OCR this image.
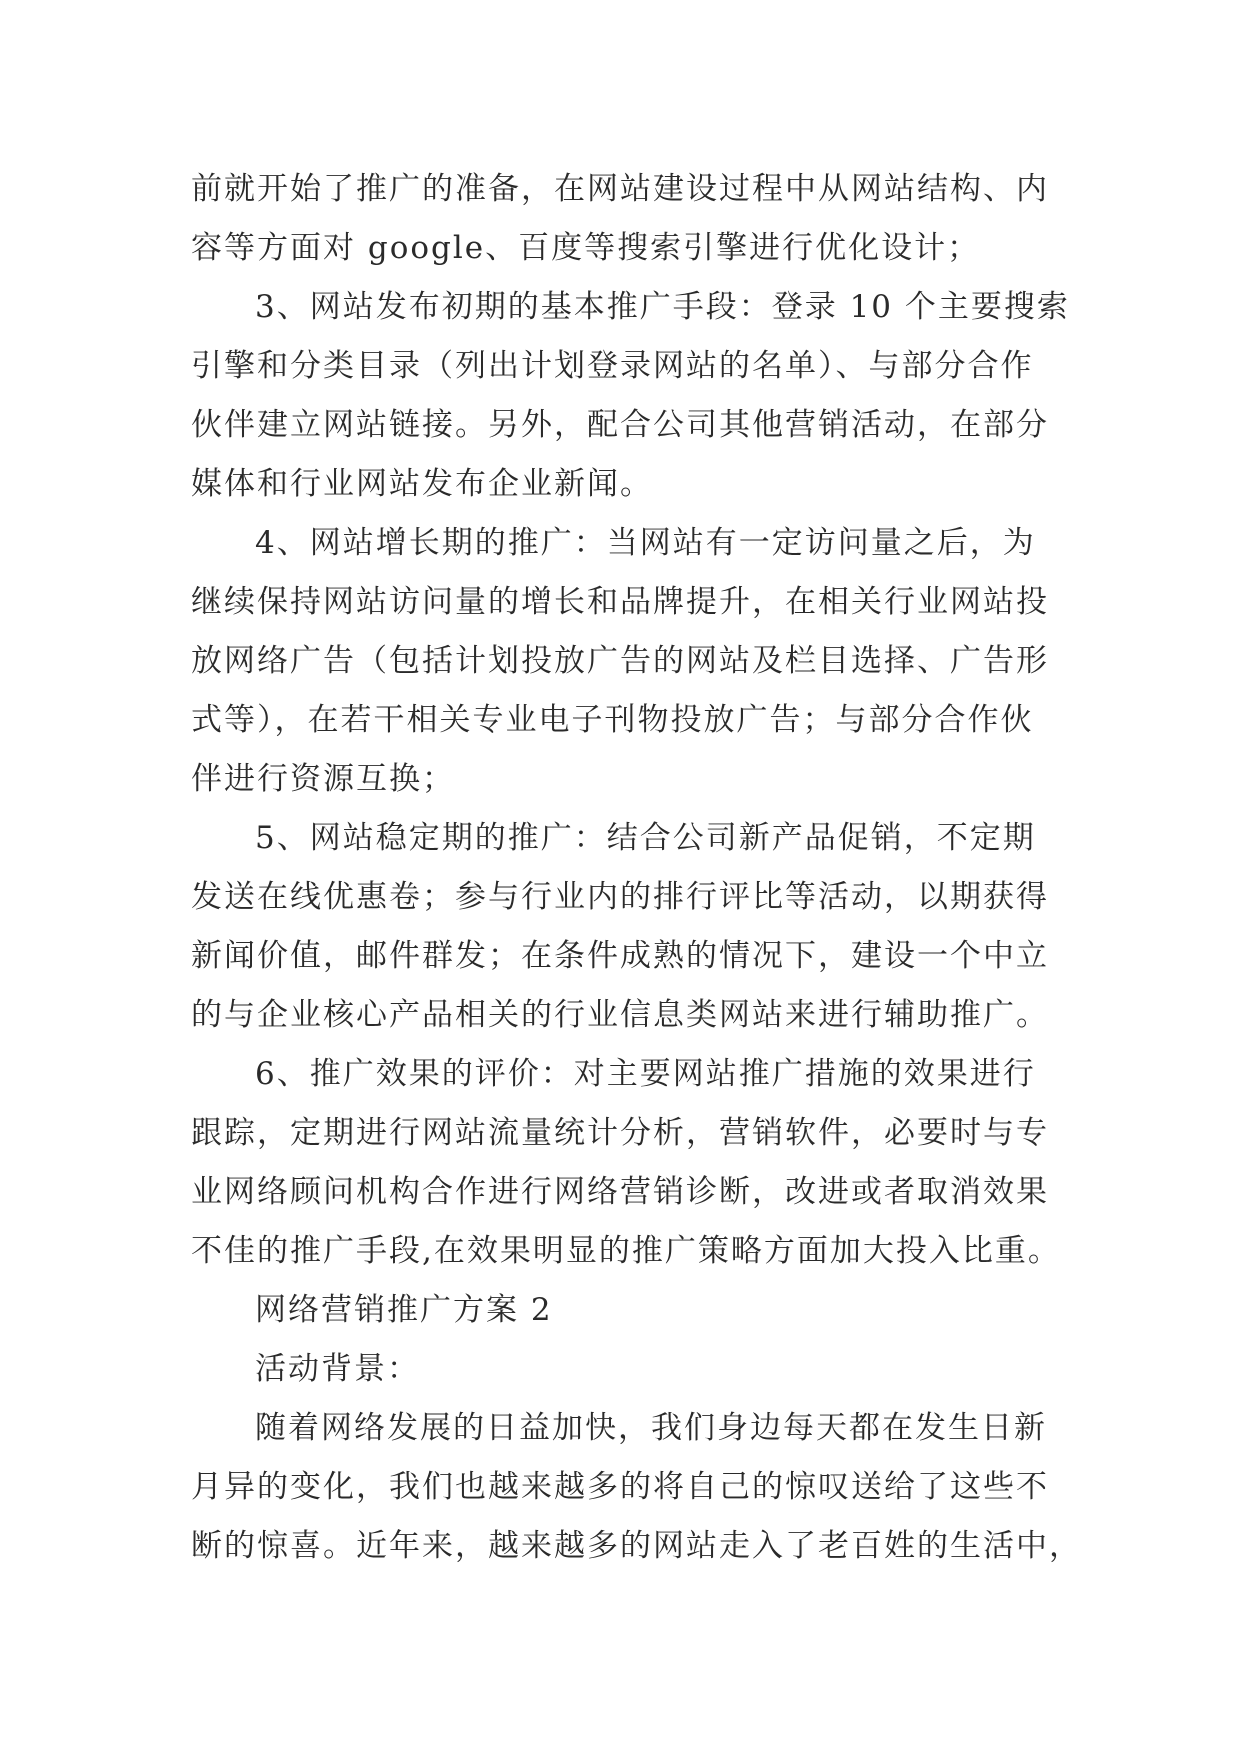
前就开始了推广的准备，在网站建设过程中从网站结构、内
容等方面对 google、百度等搜索引擎进行优化设计；

3、网站发布初期的基本推广手段：登录 10 个主要搜索
引擎和分类目录（列出计划登录网站的名单）、与部分合作
伙伴建立网站链接。另外，配合公司其他营销活动，在部分
媒体和行业网站发布企业新闻。

4、网站增长期的推广：当网站有一定访问量之后，为
继续保持网站访问量的增长和品牌提升，在相关行业网站投
放网络广告（包括计划投放广告的网站及栏目选择、广告形
式等），在若干相关专业电子刊物投放广告；与部分合作伙
伴进行资源互换；

5、网站稳定期的推广：结合公司新产品促销，不定期
发送在线优惠卷；参与行业内的排行评比等活动，以期获得
新闻价值，邮件群发；在条件成熟的情况下，建设一个中立
的与企业核心产品相关的行业信息类网站来进行辅助推广。

6、推广效果的评价：对主要网站推广措施的效果进行
跟踪，定期进行网站流量统计分析，营销软件，必要时与专
业网络顾问机构合作进行网络营销诊断，改进或者取消效果
不佳的推广手段,在效果明显的推广策略方面加大投入比重。

网络营销推广方案 2

活动背景：

随着网络发展的日益加快，我们身边每天都在发生日新
月异的变化，我们也越来越多的将自己的惊叹送给了这些不
断的惊喜。近年来，越来越多的网站走入了老百姓的生活中，
